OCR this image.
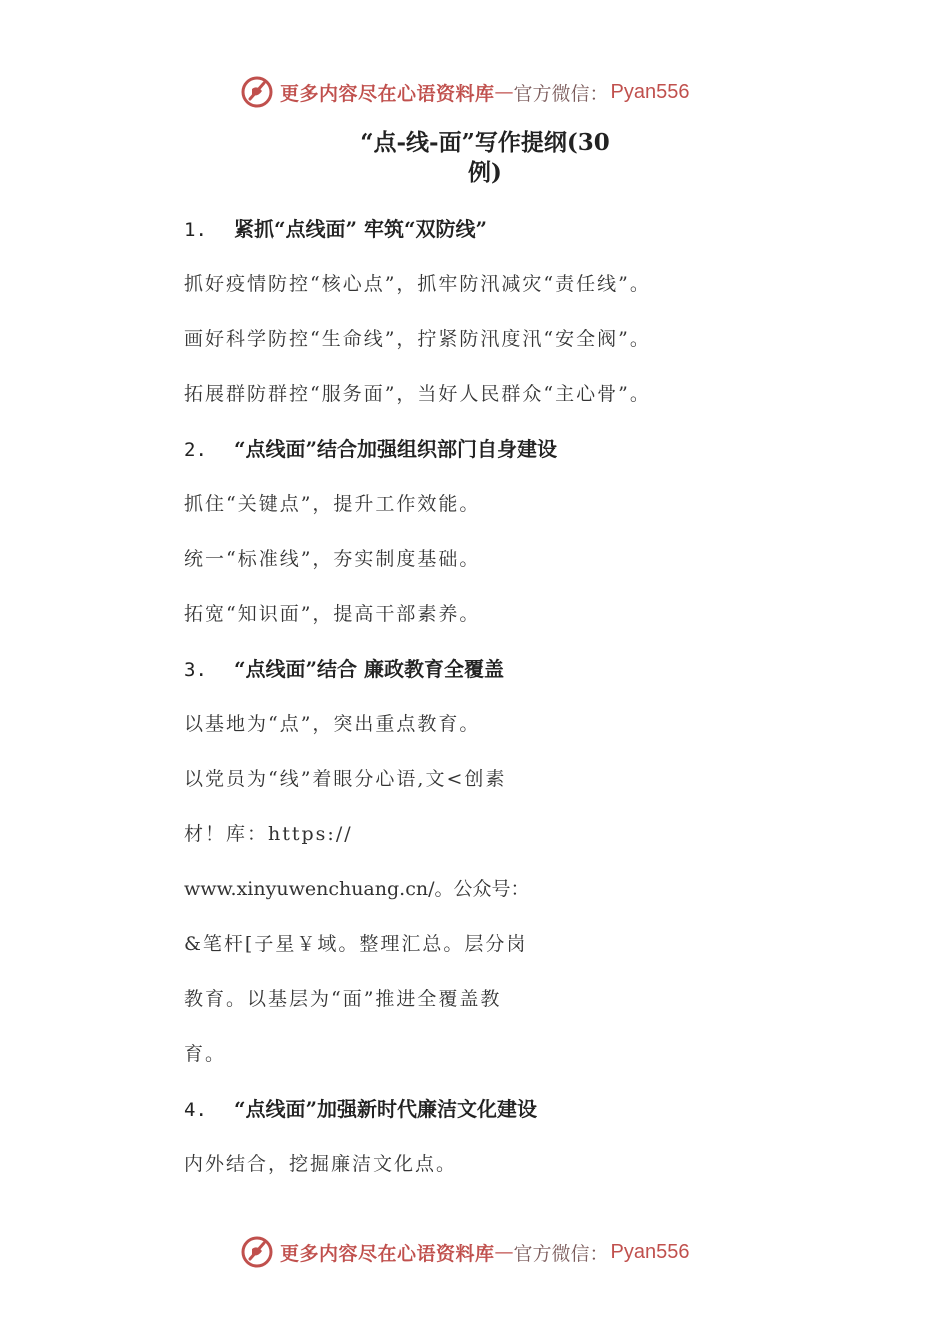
更多内容尽在心语资料库 — 官方微信： Pyan556
“点-线-面”写作提纲(30
例)
1. 紧抓“点线面” 牢筑“双防线”
抓好疫情防控“核心点”，抓牢防汛减灾“责任线”。
画好科学防控“生命线”，拧紧防汛度汛“安全阀”。
拓展群防群控“服务面”，当好人民群众“主心骨”。
2. “点线面”结合加强组织部门自身建设
抓住“关键点”，提升工作效能。
统一“标准线”，夯实制度基础。
拓宽“知识面”，提高干部素养。
3. “点线面”结合 廉政教育全覆盖
以基地为“点”，突出重点教育。
以党员为“线”着眼分心语,文<创素
材！库：https://
www.xinyuwenchuang.cn/。公众号：
&笔杆[子星￥域。整理汇总。层分岗
教育。以基层为“面”推进全覆盖教
育。
4. “点线面”加强新时代廉洁文化建设
内外结合，挖掘廉洁文化点。
更多内容尽在心语资料库 — 官方微信： Pyan556
